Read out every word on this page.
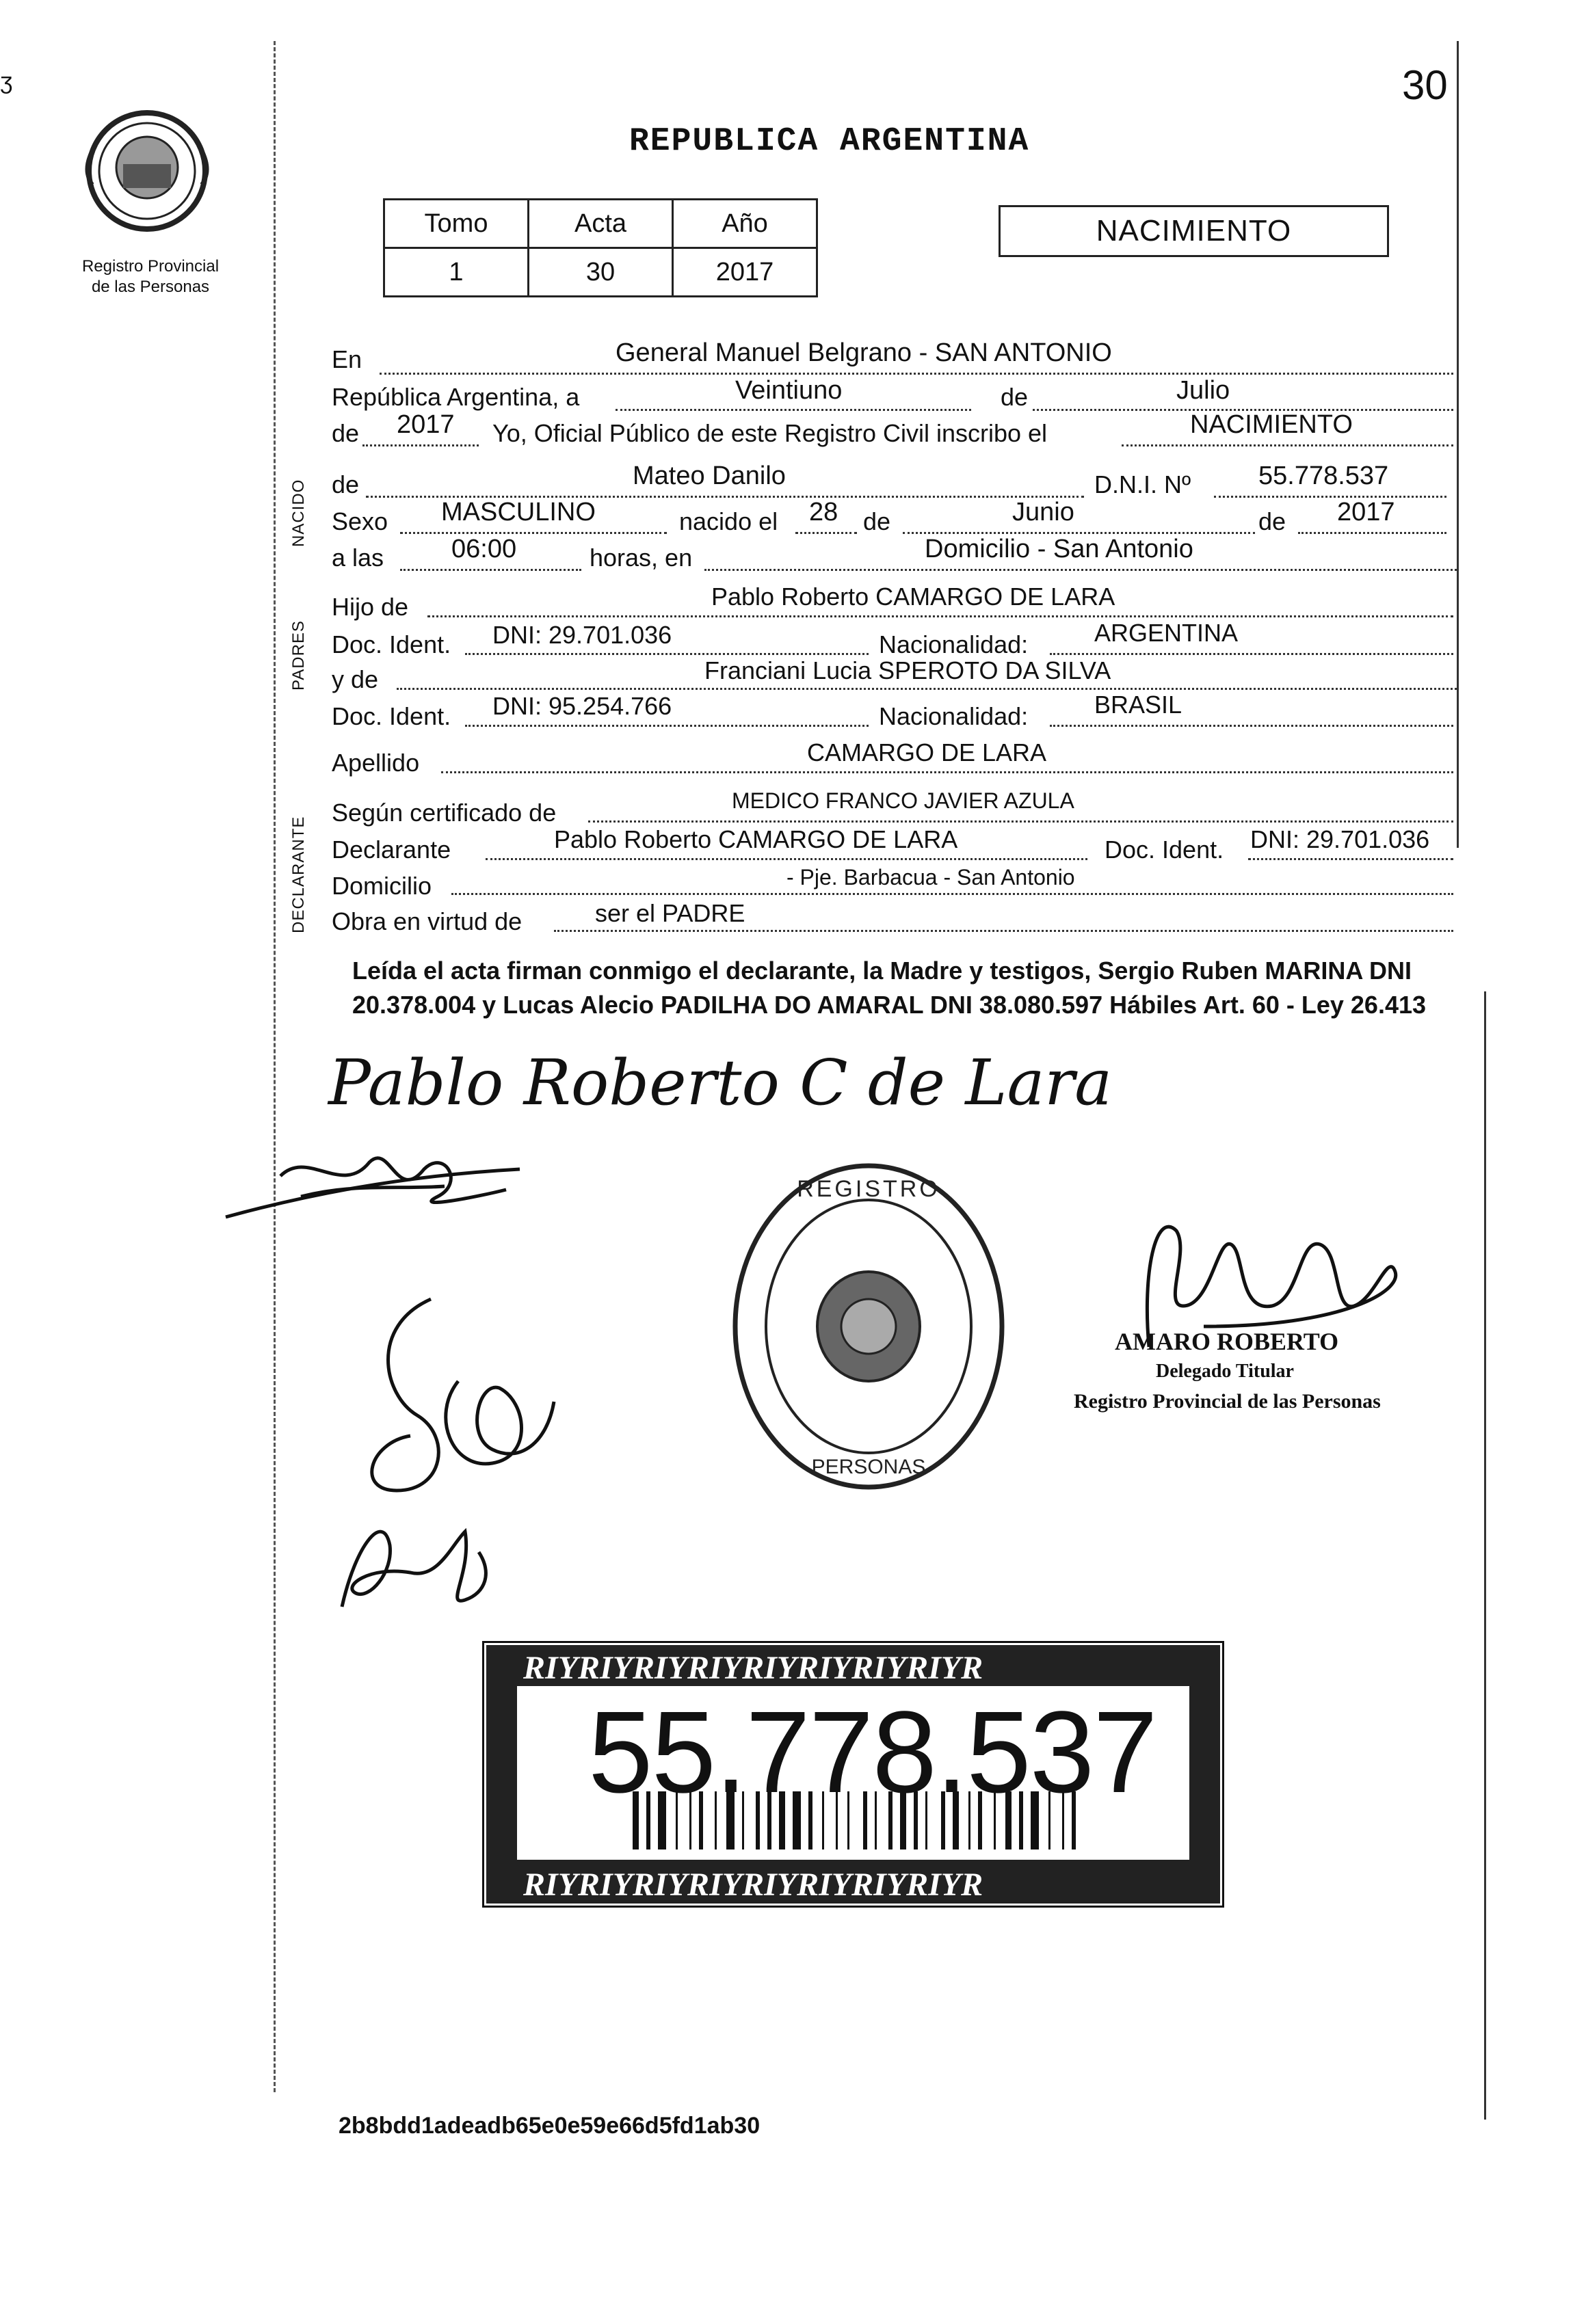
30
ʒ
Registro Provincial
de las Personas
REPUBLICA ARGENTINA
Tomo	Acta	Año
1	30	2017
NACIMIENTO
NACIDO
PADRES
DECLARANTE
En	General Manuel Belgrano - SAN ANTONIO
República Argentina, a	Veintiuno	de	Julio
de 2017 Yo, Oficial Público de este Registro Civil inscribo el	NACIMIENTO
de	Mateo Danilo	D.N.I. Nº	55.778.537
Sexo MASCULINO	nacido el 28 de	Junio	de 2017
a las	06:00	horas, en	Domicilio - San Antonio
Hijo de	Pablo Roberto CAMARGO DE LARA
Doc. Ident. DNI: 29.701.036	Nacionalidad:	ARGENTINA
y de	Franciani Lucia SPEROTO DA SILVA
Doc. Ident. DNI: 95.254.766	Nacionalidad:	BRASIL
Apellido	CAMARGO DE LARA
Según certificado de	MEDICO FRANCO JAVIER AZULA
Declarante	Pablo Roberto CAMARGO DE LARA	Doc. Ident. DNI: 29.701.036
Domicilio	- Pje. Barbacua - San Antonio
Obra en virtud de	ser el PADRE
Leída el acta firman conmigo el declarante, la Madre y testigos, Sergio Ruben MARINA DNI 20.378.004 y Lucas Alecio PADILHA DO AMARAL DNI 38.080.597 Hábiles Art. 60 - Ley 26.413
Pablo Roberto C de Lara
REGISTRO
PERSONAS
AMARO ROBERTO
Delegado Titular
Registro Provincial de las Personas
RIYRIYRIYRIYRIYRIYRIYRIYR
RIYRIYRIYRIYRIYRIYRIYRIYR
55.778.537
2b8bdd1adeadb65e0e59e66d5fd1ab30
